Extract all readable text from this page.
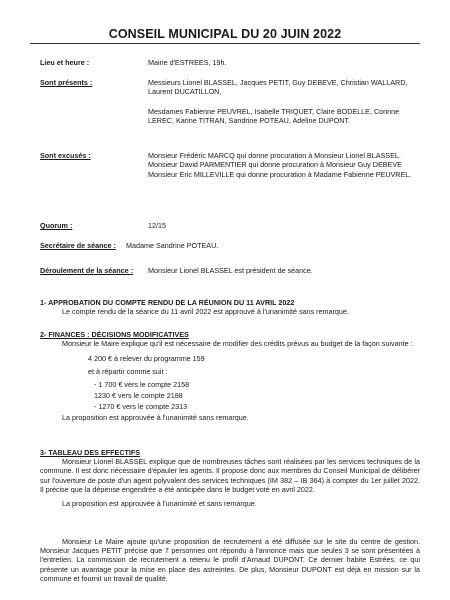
CONSEIL MUNICIPAL DU 20 JUIN 2022
Lieu et heure :	Mairie d'ESTREES, 19h.
Sont présents :	Messieurs Lionel BLASSEL, Jacques PETIT, Guy DEBEVE, Christian WALLARD, Laurent DUCATILLON,

Mesdames Fabienne PEUVREL, Isabelle TRIQUET, Claire BODELLE, Corinne LEREC, Karine TITRAN, Sandrine POTEAU, Adeline DUPONT.

Sont excusés :	Monsieur Frédéric MARCQ qui donne procuration à Monsieur Lionel BLASSEL.

Monsieur David PARMENTIER qui donne procuration à Monsieur Guy DEBEVE

Monsieur Eric MILLEVILLE qui donne procuration à Madame Fabienne PEUVREL.

Quorum :	12/15
Secrétaire de séance : Madame Sandrine POTEAU.
Déroulement de la séance : Monsieur Lionel BLASSEL est président de séance.

1- APPROBATION DU COMPTE RENDU DE LA RÉUNION DU 11 AVRIL 2022

Le compte rendu de la séance du 11 avril 2022 est approuvé à l'unanimité sans remarque.

2- FINANCES : DÉCISIONS MODIFICATIVES

Monsieur le Maire explique qu'il est nécessaire de modifier des crédits prévus au budget de la façon suivante :

4 200 € à relever du programme 159

et à répartir comme suit :

- 1 700 € vers le compte 2158

1230 € vers le compte 2188

- 1270 € vers le compte 2313

La proposition est approuvée à l'unanimité sans remarque.

3- TABLEAU DES EFFECTIFS

Monsieur Lionel BLASSEL explique que de nombreuses tâches sont réalisées par les services techniques de la commune. Il est donc nécessaire d'épauler les agents. Il propose donc aux membres du Conseil Municipal de délibérer sur l'ouverture de poste d'un agent polyvalent des services techniques (IM 382 – IB 364) à compter du 1er juillet 2022. Il précise que la dépense engendrée a été anticipée dans le budget voté en avril 2022.

La proposition est approuvée à l'unanimité et sans remarque.

Monsieur Le Maire ajoute qu'une proposition de recrutement a été diffusée sur le site du centre de gestion. Monsieur Jacques PETIT précise que 7 personnes ont répondu à l'annonce mais que seules 3 se sont présentées à l'entretien. La commission de recrutement a retenu le profil d'Arnaud DUPONT. Ce dernier habite Estrées, ce qui présente un avantage pour la mise en place des astreintes. De plus, Monsieur DUPONT est déjà en mission sur la commune et fournit un travail de qualité.
